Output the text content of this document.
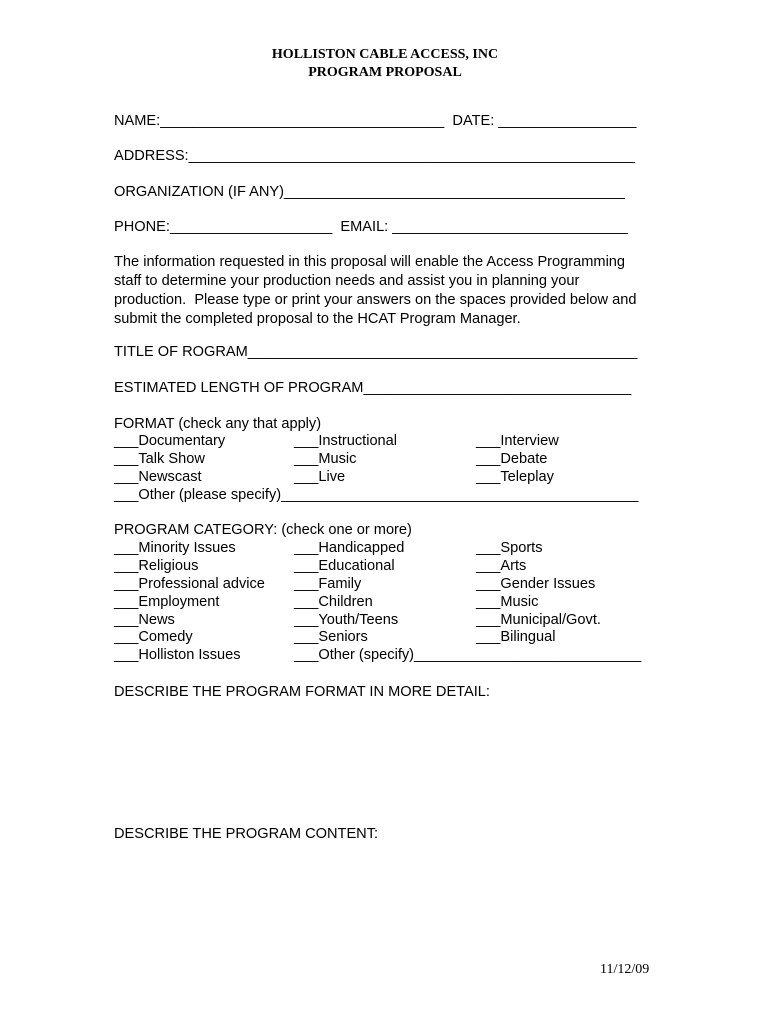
HOLLISTON CABLE ACCESS, INC
PROGRAM PROPOSAL
NAME:___________________________________  DATE: _________________
ADDRESS:_______________________________________________________
ORGANIZATION (IF ANY)__________________________________________
PHONE:____________________  EMAIL: _____________________________
The information requested in this proposal will enable the Access Programming
staff to determine your production needs and assist you in planning your
production.  Please type or print your answers on the spaces provided below and
submit the completed proposal to the HCAT Program Manager.
TITLE OF ROGRAM________________________________________________
ESTIMATED LENGTH OF PROGRAM_________________________________
FORMAT (check any that apply)
___Documentary	___Instructional	___Interview
___Talk Show	___Music	___Debate
___Newscast	___Live	___Teleplay
___Other (please specify)____________________________________________
PROGRAM CATEGORY: (check one or more)
___Minority Issues	___Handicapped	___Sports
___Religious	___Educational	___Arts
___Professional advice ___Family	___Gender Issues
___Employment	___Children	___Music
___News	___Youth/Teens	___Municipal/Govt.
___Comedy	___Seniors	___Bilingual
___Holliston Issues	___Other (specify)____________________________
DESCRIBE THE PROGRAM FORMAT IN MORE DETAIL:
DESCRIBE THE PROGRAM CONTENT:
11/12/09
